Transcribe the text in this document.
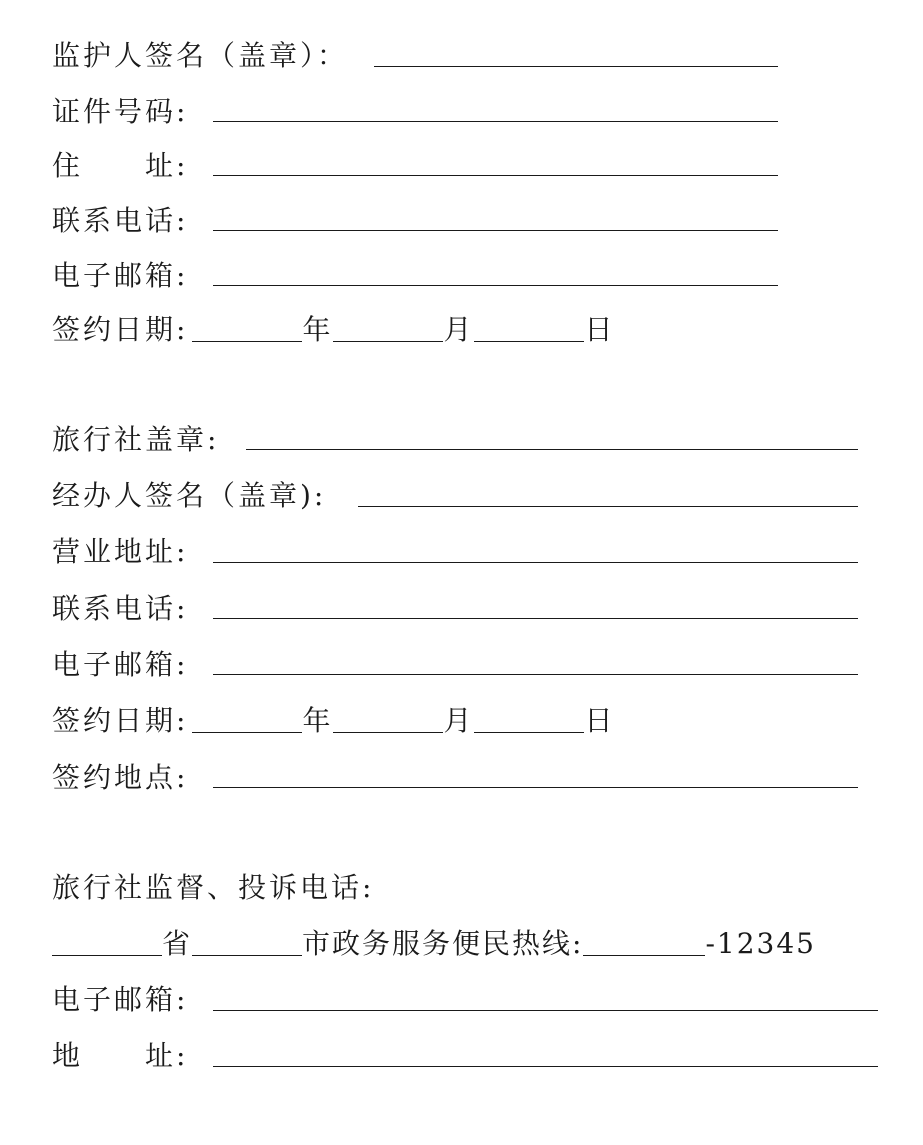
监护人签名（盖章）：
证件号码:
住　　址:
联系电话:
电子邮箱:
签约日期:	年	月	日
旅行社盖章:
经办人签名（盖章):
营业地址:
联系电话:
电子邮箱:
签约日期:	年	月	日
签约地点:
旅行社监督、投诉电话:
省	市政务服务便民热线:	-12345
电子邮箱:
地　　址:
